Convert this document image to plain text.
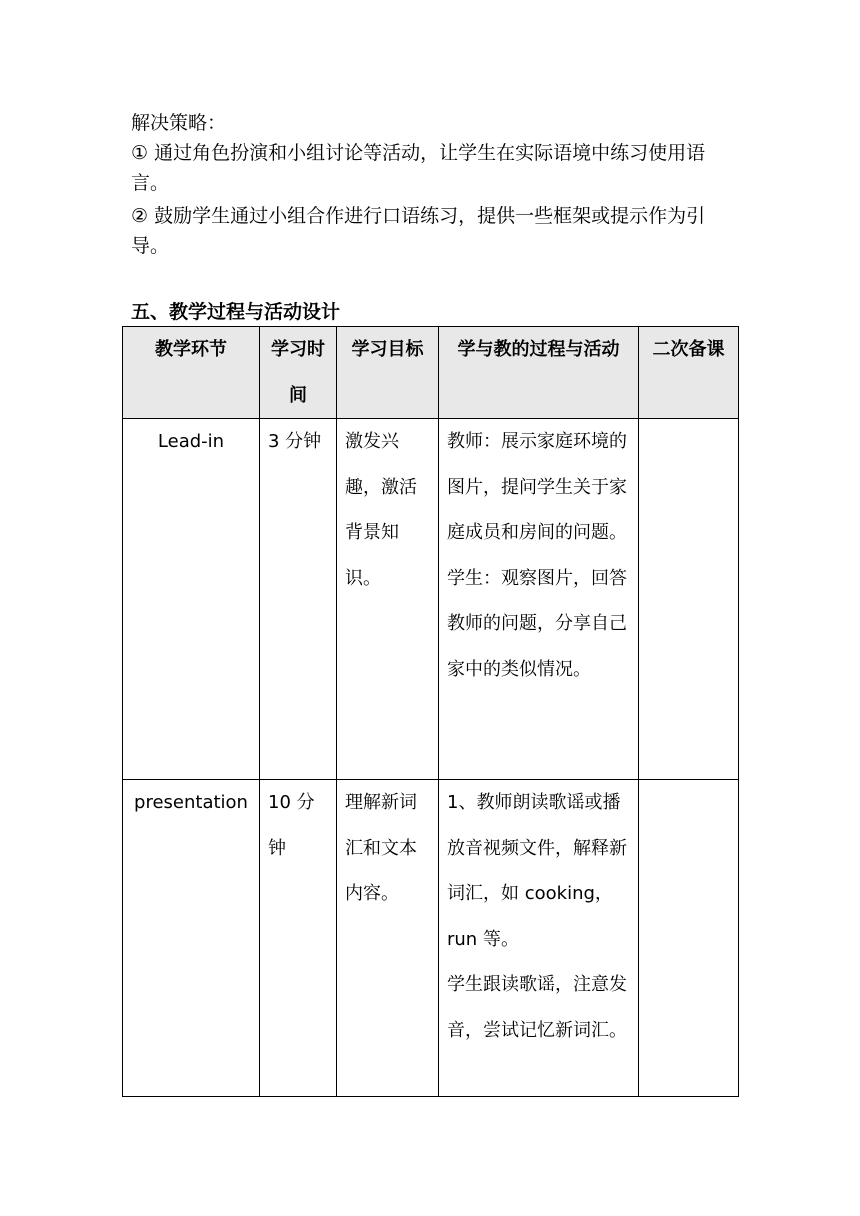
解决策略：

① 通过角色扮演和小组讨论等活动，让学生在实际语境中练习使用语言。

② 鼓励学生通过小组合作进行口语练习，提供一些框架或提示作为引导。

五、教学过程与活动设计

教学环节	学习时间	学习目标	学与教的过程与活动	二次备课
Lead-in	3 分钟	激发兴趣，激活背景知识。	教师：展示家庭环境的图片，提问学生关于家庭成员和房间的问题。
学生：观察图片，回答教师的问题，分享自己家中的类似情况。	

presentation	10 分钟	理解新词汇和文本内容。	1、教师朗读歌谣或播放音视频文件，解释新词汇，如 cooking，run 等。
学生跟读歌谣，注意发音，尝试记忆新词汇。	
